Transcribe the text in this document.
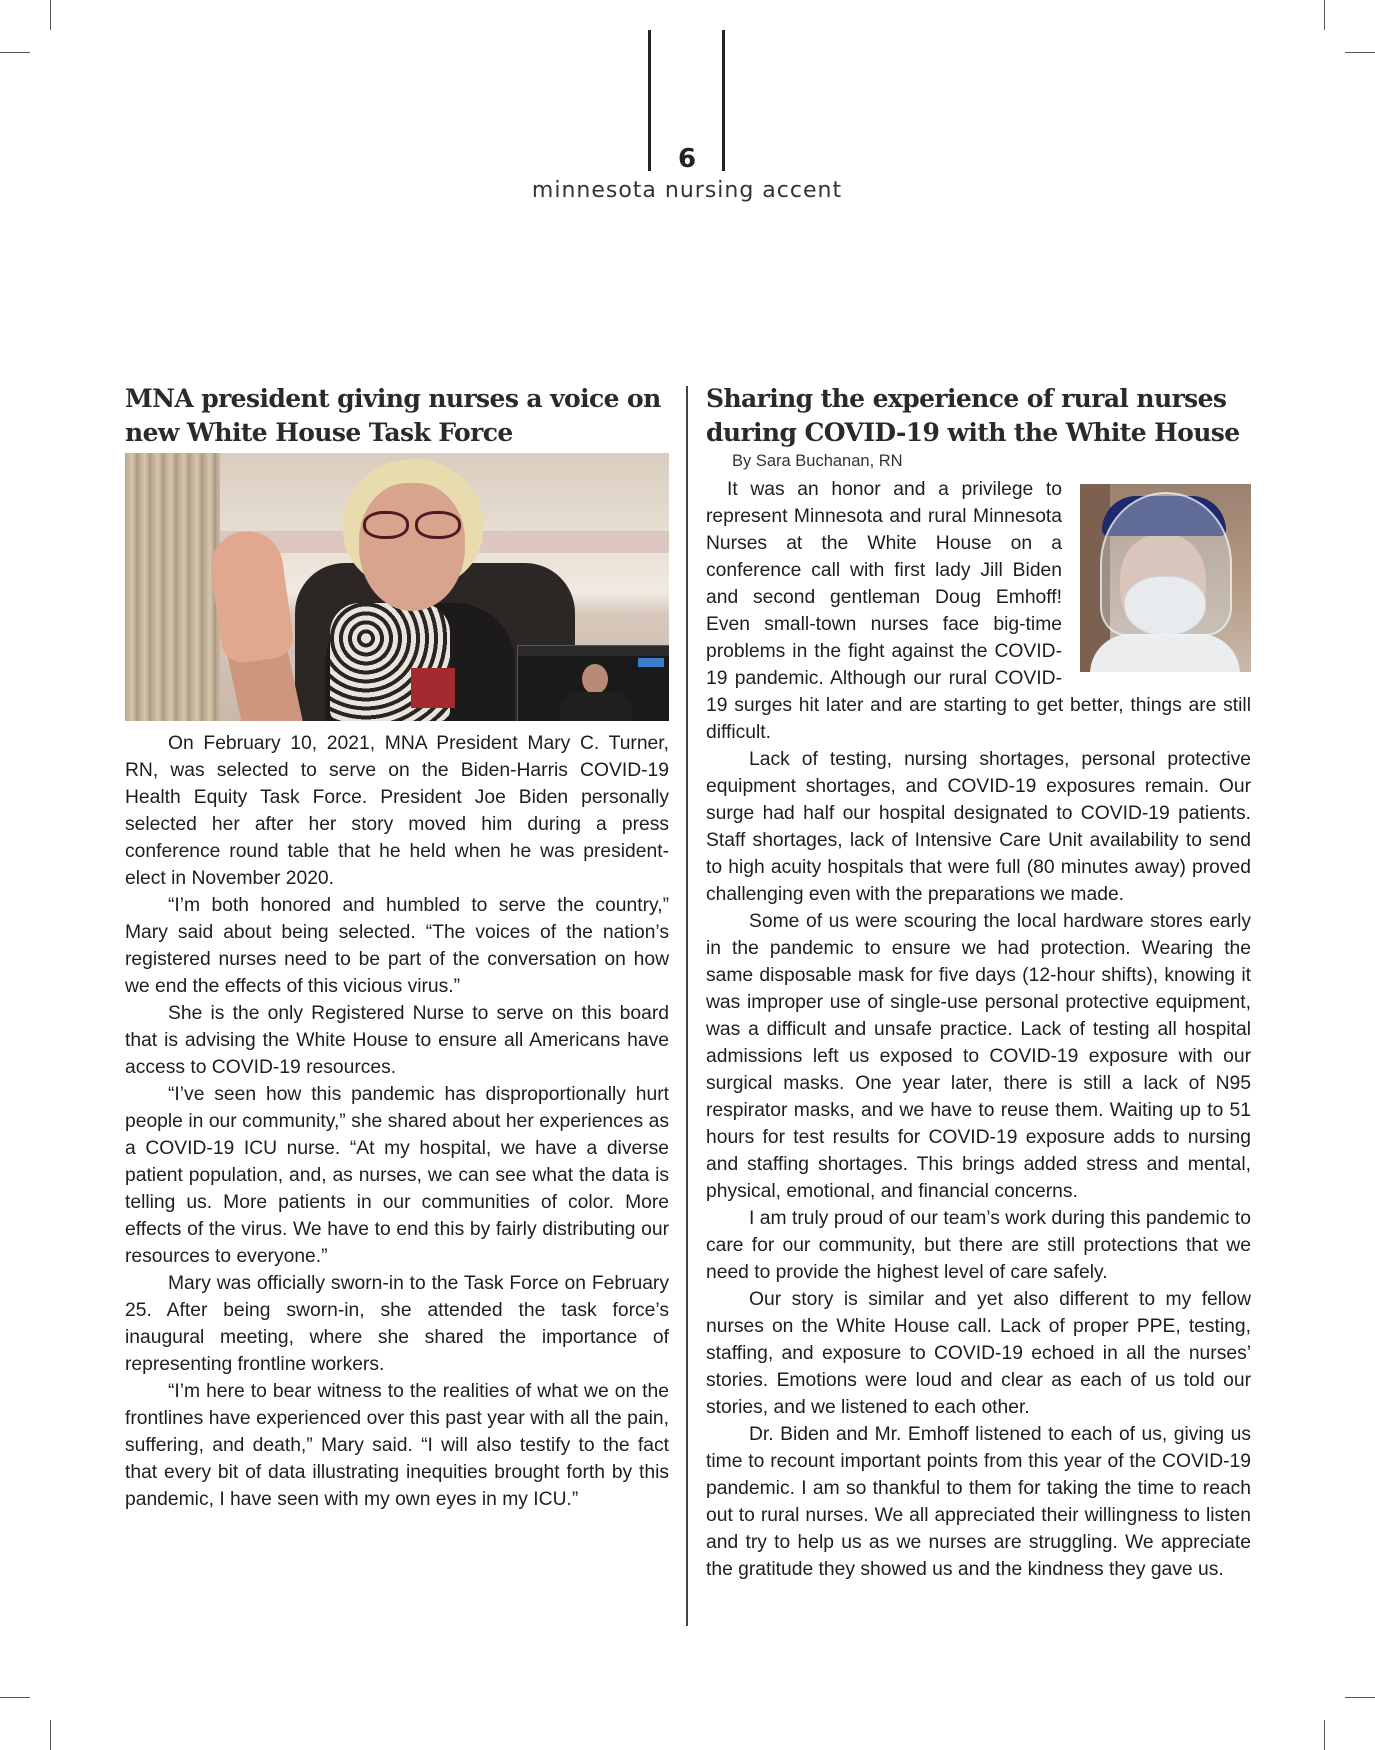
6
minnesota nursing accent
MNA president giving nurses a voice on new White House Task Force

On February 10, 2021, MNA President Mary C. Turner, RN, was selected to serve on the Biden-Harris COVID-19 Health Equity Task Force. President Joe Biden personally selected her after her story moved him during a press conference round table that he held when he was president-elect in November 2020.

“I’m both honored and humbled to serve the country,” Mary said about being selected. “The voices of the nation’s registered nurses need to be part of the conversation on how we end the effects of this vicious virus.”

She is the only Registered Nurse to serve on this board that is advising the White House to ensure all Americans have access to COVID-19 resources.

“I’ve seen how this pandemic has disproportionally hurt people in our community,” she shared about her experiences as a COVID-19 ICU nurse. “At my hospital, we have a diverse patient population, and, as nurses, we can see what the data is telling us. More patients in our communities of color. More effects of the virus. We have to end this by fairly distributing our resources to everyone.”

Mary was officially sworn-in to the Task Force on February 25. After being sworn-in, she attended the task force’s inaugural meeting, where she shared the importance of representing frontline workers.

“I’m here to bear witness to the realities of what we on the frontlines have experienced over this past year with all the pain, suffering, and death,” Mary said. “I will also testify to the fact that every bit of data illustrating inequities brought forth by this pandemic, I have seen with my own eyes in my ICU.”

Sharing the experience of rural nurses during COVID-19 with the White House
By Sara Buchanan, RN

It was an honor and a privilege to represent Minnesota and rural Minnesota Nurses at the White House on a conference call with first lady Jill Biden and second gentleman Doug Emhoff! Even small-town nurses face big-time problems in the fight against the COVID-19 pandemic. Although our rural COVID-19 surges hit later and are starting to get better, things are still difficult.

Lack of testing, nursing shortages, personal protective equipment shortages, and COVID-19 exposures remain. Our surge had half our hospital designated to COVID-19 patients. Staff shortages, lack of Intensive Care Unit availability to send to high acuity hospitals that were full (80 minutes away) proved challenging even with the preparations we made.

Some of us were scouring the local hardware stores early in the pandemic to ensure we had protection. Wearing the same disposable mask for five days (12-hour shifts), knowing it was improper use of single-use personal protective equipment, was a difficult and unsafe practice. Lack of testing all hospital admissions left us exposed to COVID-19 exposure with our surgical masks. One year later, there is still a lack of N95 respirator masks, and we have to reuse them. Waiting up to 51 hours for test results for COVID-19 exposure adds to nursing and staffing shortages. This brings added stress and mental, physical, emotional, and financial concerns.

I am truly proud of our team’s work during this pandemic to care for our community, but there are still protections that we need to provide the highest level of care safely.

Our story is similar and yet also different to my fellow nurses on the White House call. Lack of proper PPE, testing, staffing, and exposure to COVID-19 echoed in all the nurses’ stories. Emotions were loud and clear as each of us told our stories, and we listened to each other.

Dr. Biden and Mr. Emhoff listened to each of us, giving us time to recount important points from this year of the COVID-19 pandemic. I am so thankful to them for taking the time to reach out to rural nurses. We all appreciated their willingness to listen and try to help us as we nurses are struggling. We appreciate the gratitude they showed us and the kindness they gave us.
